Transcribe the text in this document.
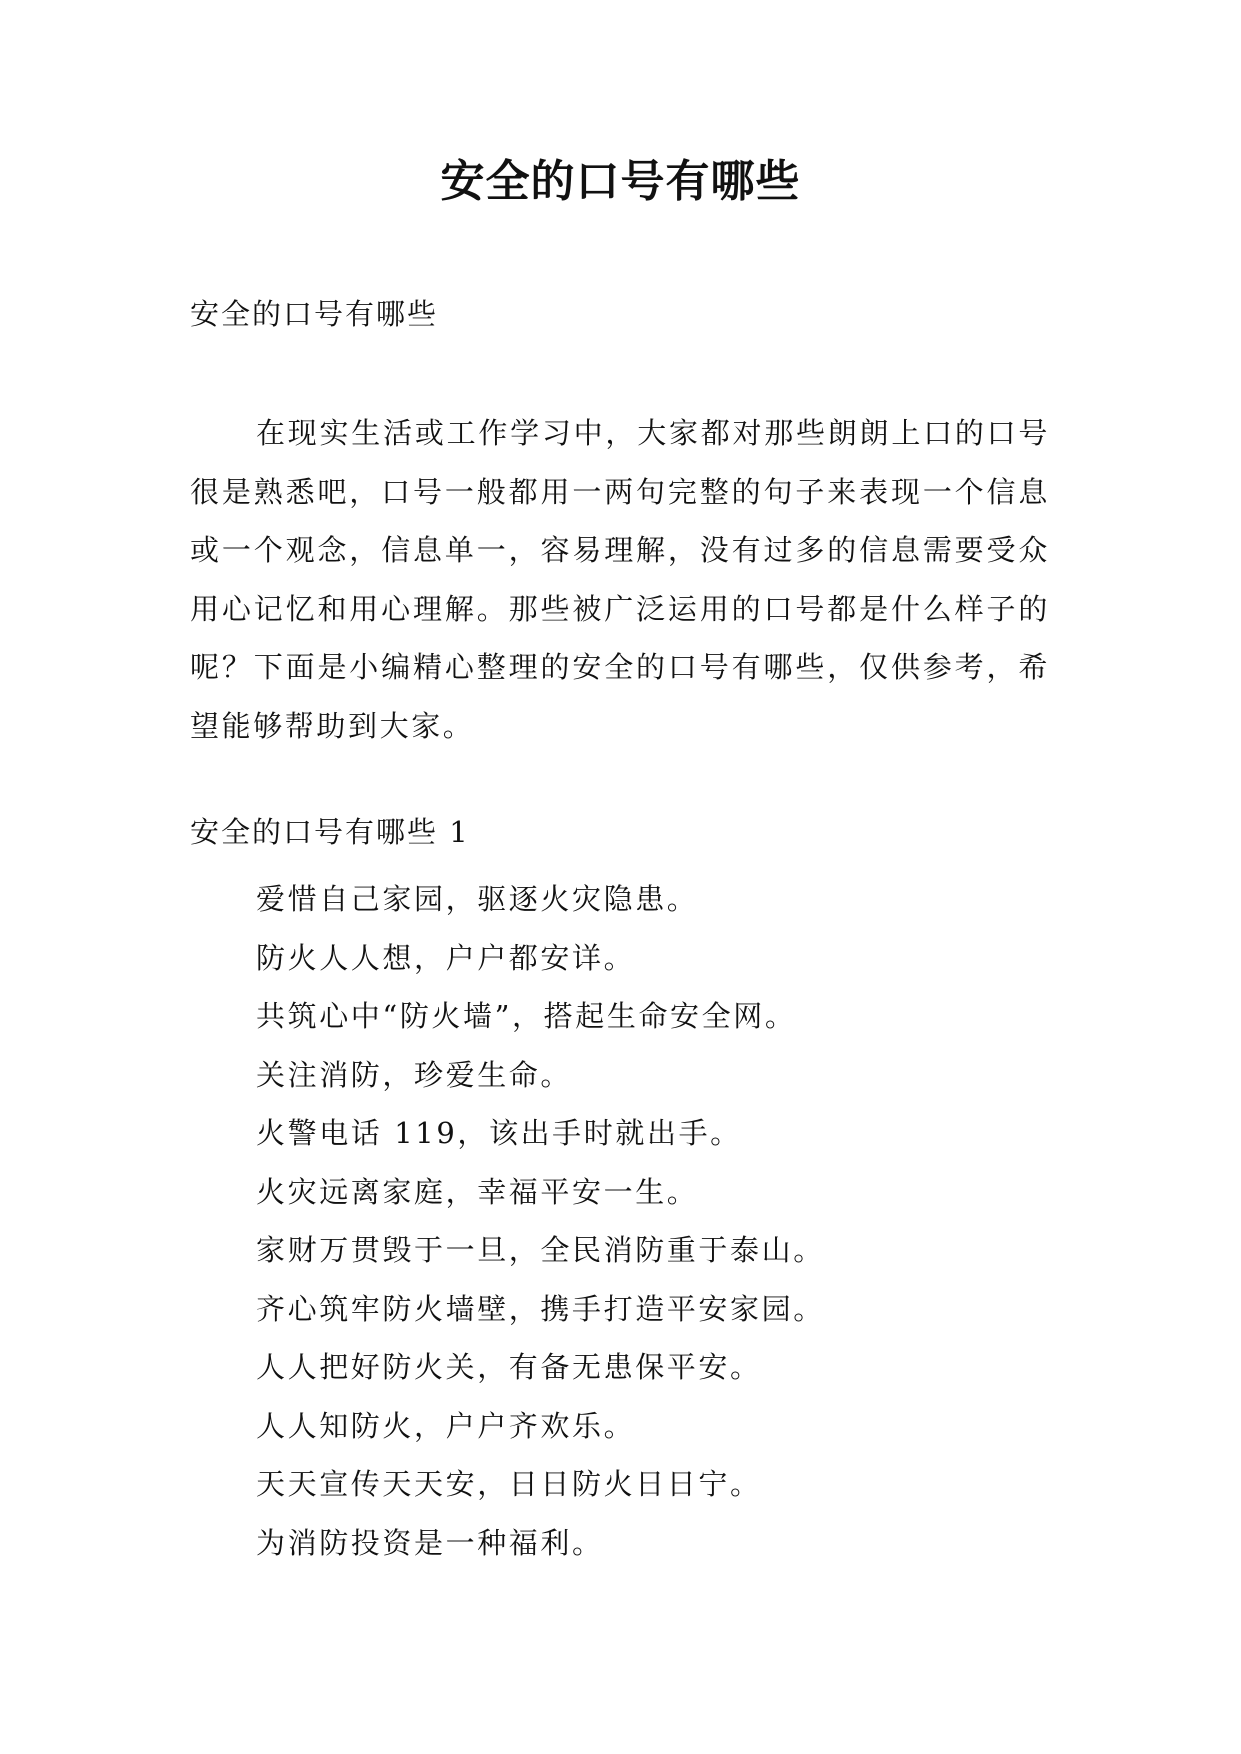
安全的口号有哪些
安全的口号有哪些

在现实生活或工作学习中，大家都对那些朗朗上口的口号很是熟悉吧，口号一般都用一两句完整的句子来表现一个信息或一个观念，信息单一，容易理解，没有过多的信息需要受众用心记忆和用心理解。那些被广泛运用的口号都是什么样子的呢？下面是小编精心整理的安全的口号有哪些，仅供参考，希望能够帮助到大家。

安全的口号有哪些 1
爱惜自己家园，驱逐火灾隐患。
防火人人想，户户都安详。
共筑心中“防火墙”，搭起生命安全网。
关注消防，珍爱生命。
火警电话 119，该出手时就出手。
火灾远离家庭，幸福平安一生。
家财万贯毁于一旦，全民消防重于泰山。
齐心筑牢防火墙壁，携手打造平安家园。
人人把好防火关，有备无患保平安。
人人知防火，户户齐欢乐。
天天宣传天天安，日日防火日日宁。
为消防投资是一种福利。
